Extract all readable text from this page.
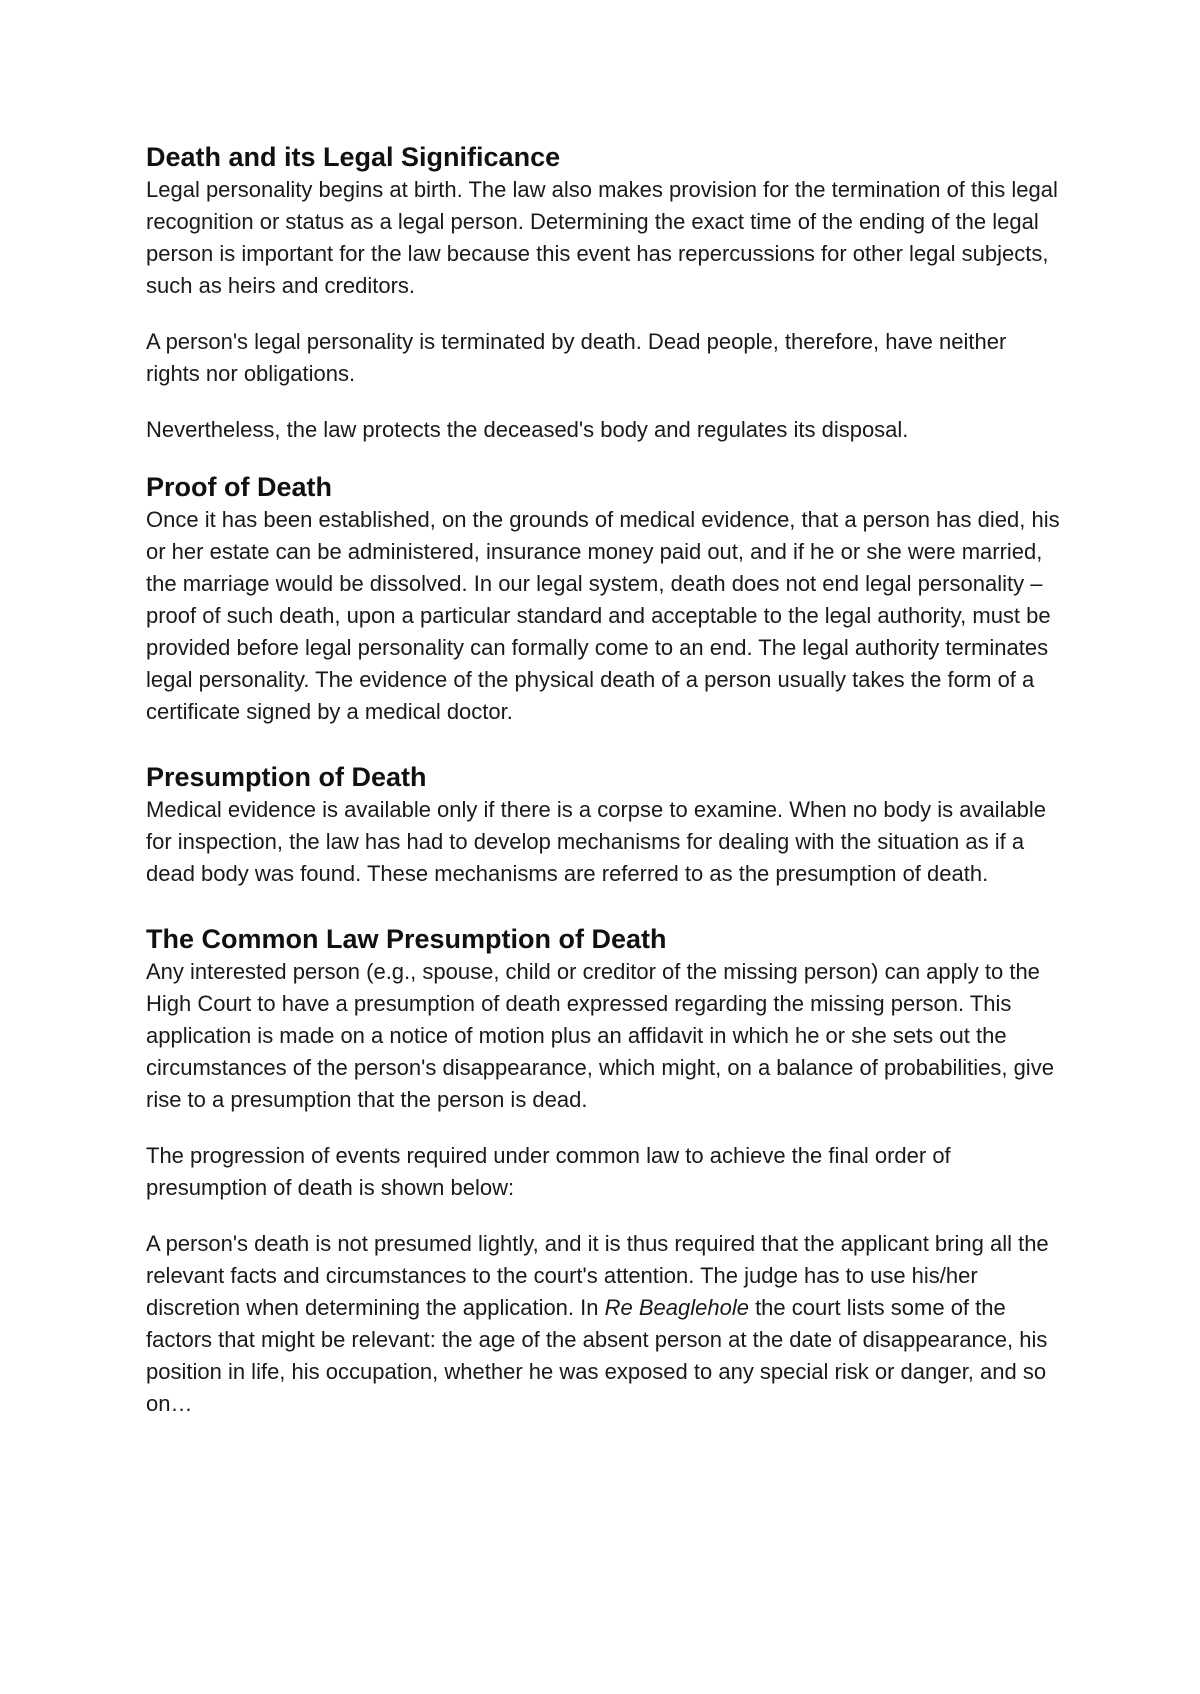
Death and its Legal Significance

Legal personality begins at birth. The law also makes provision for the termination of this legal recognition or status as a legal person. Determining the exact time of the ending of the legal person is important for the law because this event has repercussions for other legal subjects, such as heirs and creditors.

A person's legal personality is terminated by death. Dead people, therefore, have neither rights nor obligations.

Nevertheless, the law protects the deceased's body and regulates its disposal.

Proof of Death

Once it has been established, on the grounds of medical evidence, that a person has died, his or her estate can be administered, insurance money paid out, and if he or she were married, the marriage would be dissolved. In our legal system, death does not end legal personality – proof of such death, upon a particular standard and acceptable to the legal authority, must be provided before legal personality can formally come to an end. The legal authority terminates legal personality. The evidence of the physical death of a person usually takes the form of a certificate signed by a medical doctor.

Presumption of Death

Medical evidence is available only if there is a corpse to examine. When no body is available for inspection, the law has had to develop mechanisms for dealing with the situation as if a dead body was found. These mechanisms are referred to as the presumption of death.

The Common Law Presumption of Death

Any interested person (e.g., spouse, child or creditor of the missing person) can apply to the High Court to have a presumption of death expressed regarding the missing person. This application is made on a notice of motion plus an affidavit in which he or she sets out the circumstances of the person's disappearance, which might, on a balance of probabilities, give rise to a presumption that the person is dead.

The progression of events required under common law to achieve the final order of presumption of death is shown below:

A person's death is not presumed lightly, and it is thus required that the applicant bring all the relevant facts and circumstances to the court's attention. The judge has to use his/her discretion when determining the application. In Re Beaglehole the court lists some of the factors that might be relevant: the age of the absent person at the date of disappearance, his position in life, his occupation, whether he was exposed to any special risk or danger, and so on…
